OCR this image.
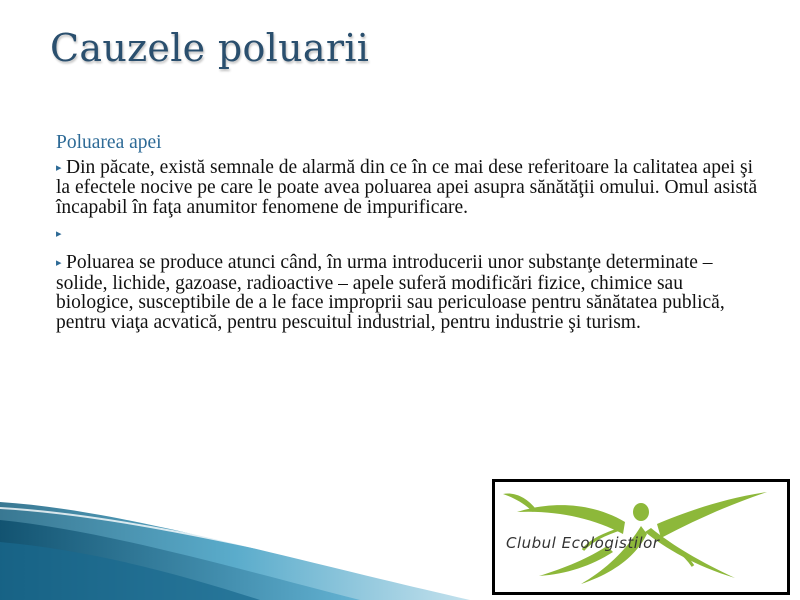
Cauzele poluarii
Poluarea apei
▸ Din păcate, există semnale de alarmă din ce în ce mai dese referitoare la calitatea apei şi la efectele nocive pe care le poate avea poluarea apei asupra sănătăţii omului. Omul asistă încapabil în faţa anumitor fenomene de impurificare.
▸
▸ Poluarea se produce atunci când, în urma introducerii unor substanţe determinate – solide, lichide, gazoase, radioactive – apele suferă modificări fizice, chimice sau biologice, susceptibile de a le face improprii sau periculoase pentru sănătatea publică, pentru viaţa acvatică, pentru pescuitul industrial, pentru industrie şi turism.
Clubul Ecologistilor
